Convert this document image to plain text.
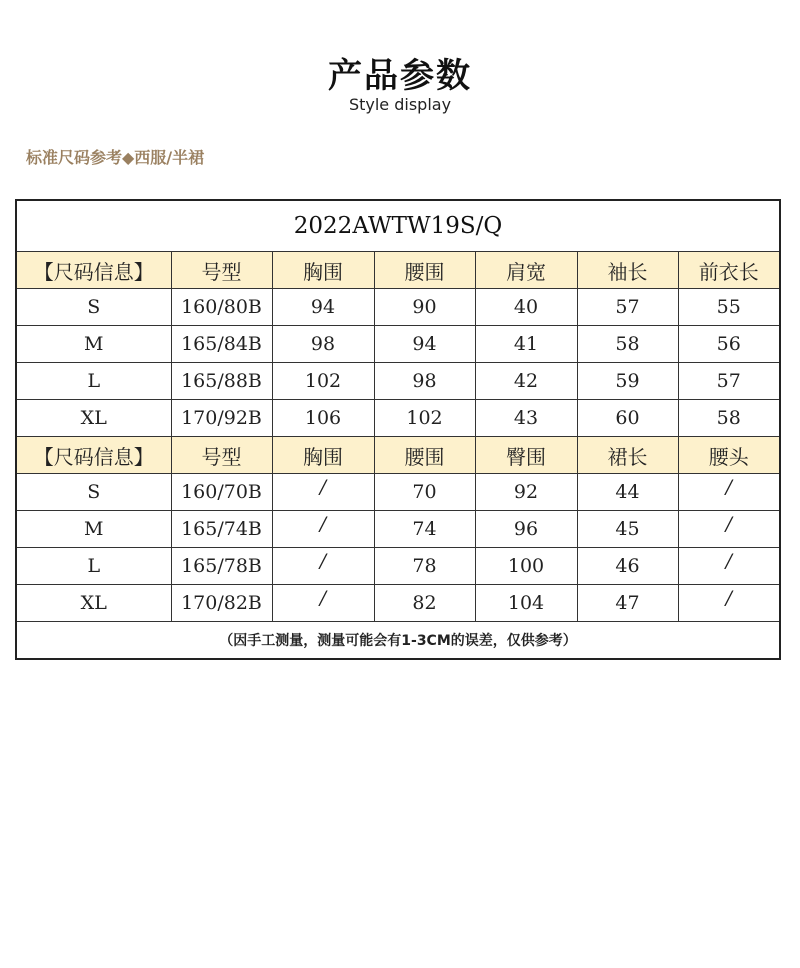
产品参数
Style display
标准尺码参考◆西服/半裙
2022AWTW19S/Q						
【尺码信息】	号型	胸围	腰围	肩宽	袖长	前衣长
S	160/80B	94	90	40	57	55
M	165/84B	98	94	41	58	56
L	165/88B	102	98	42	59	57
XL	170/92B	106	102	43	60	58
【尺码信息】	号型	胸围	腰围	臀围	裙长	腰头
S	160/70B	/	70	92	44	/
M	165/74B	/	74	96	45	/
L	165/78B	/	78	100	46	/
XL	170/82B	/	82	104	47	/
（因手工测量，测量可能会有1-3CM的误差，仅供参考）						
